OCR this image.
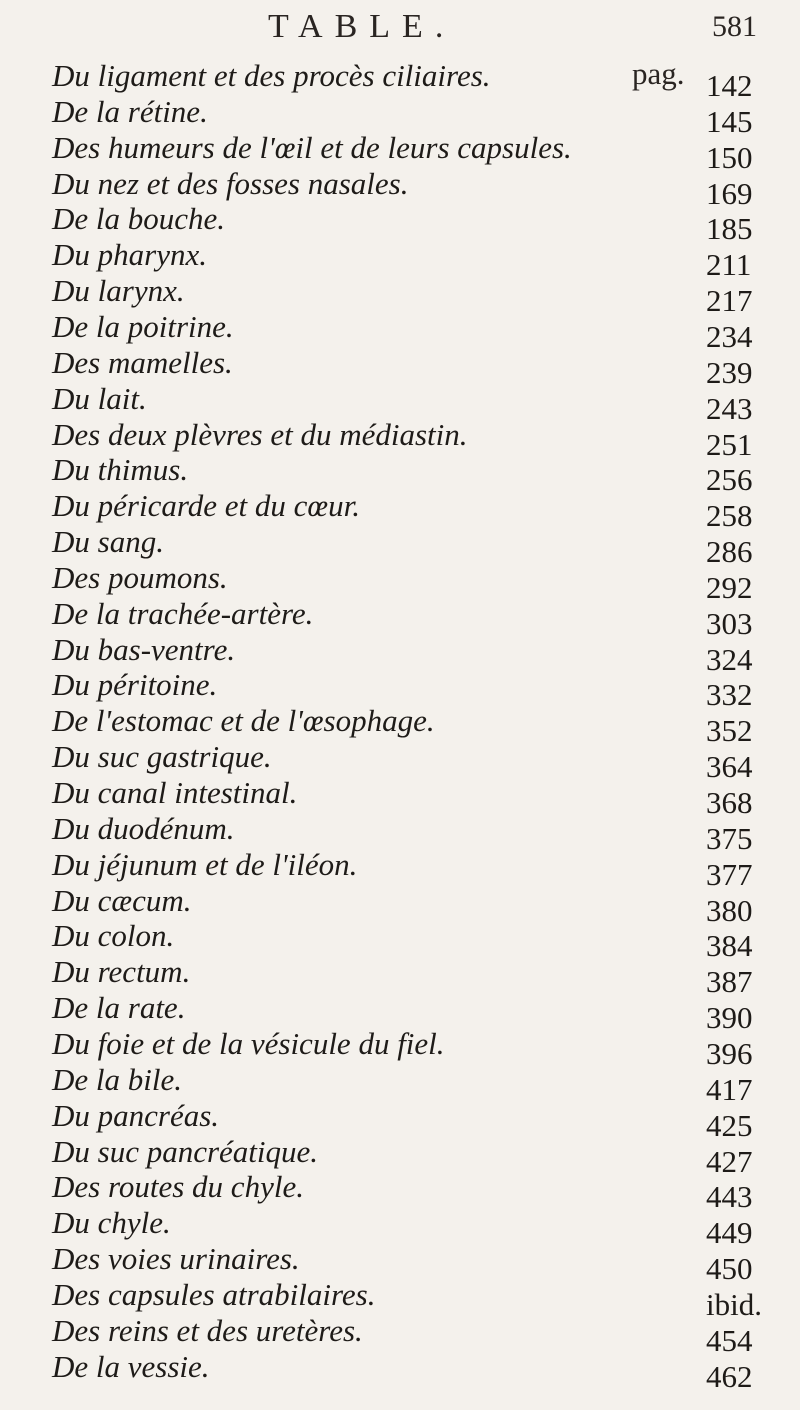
TABLE.	581
pag.
Du ligament et des procès ciliaires.	142
De la rétine.	145
Des humeurs de l'œil et de leurs capsules.	150
Du nez et des fosses nasales.	169
De la bouche.	185
Du pharynx.	211
Du larynx.	217
De la poitrine.	234
Des mamelles.	239
Du lait.	243
Des deux plèvres et du médiastin.	251
Du thimus.	256
Du péricarde et du cœur.	258
Du sang.	286
Des poumons.	292
De la trachée-artère.	303
Du bas-ventre.	324
Du péritoine.	332
De l'estomac et de l'œsophage.	352
Du suc gastrique.	364
Du canal intestinal.	368
Du duodénum.	375
Du jéjunum et de l'iléon.	377
Du cæcum.	380
Du colon.	384
Du rectum.	387
De la rate.	390
Du foie et de la vésicule du fiel.	396
De la bile.	417
Du pancréas.	425
Du suc pancréatique.	427
Des routes du chyle.	443
Du chyle.	449
Des voies urinaires.	450
Des capsules atrabilaires.	ibid.
Des reins et des uretères.	454
De la vessie.	462
